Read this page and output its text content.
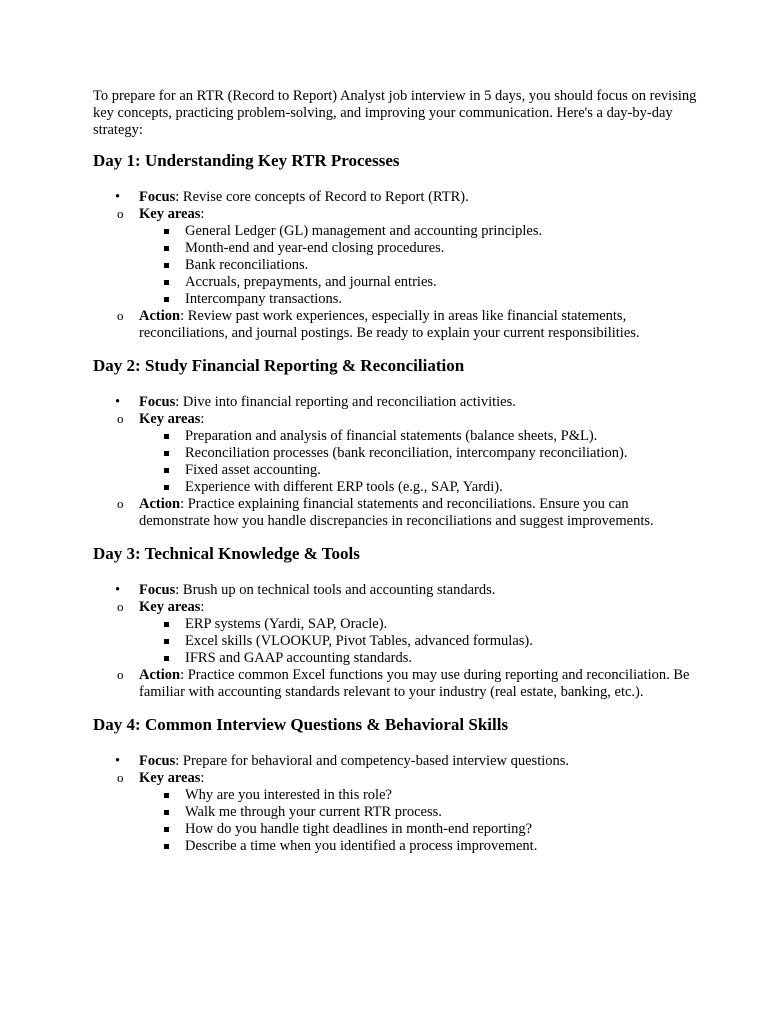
To prepare for an RTR (Record to Report) Analyst job interview in 5 days, you should focus on revising key concepts, practicing problem-solving, and improving your communication. Here's a day-by-day strategy:

Day 1: Understanding Key RTR Processes
• Focus: Revise core concepts of Record to Report (RTR).
o Key areas:
General Ledger (GL) management and accounting principles.
Month-end and year-end closing procedures.
Bank reconciliations.
Accruals, prepayments, and journal entries.
Intercompany transactions.
o Action: Review past work experiences, especially in areas like financial statements, reconciliations, and journal postings. Be ready to explain your current responsibilities.
Day 2: Study Financial Reporting & Reconciliation
• Focus: Dive into financial reporting and reconciliation activities.
o Key areas:
Preparation and analysis of financial statements (balance sheets, P&L).
Reconciliation processes (bank reconciliation, intercompany reconciliation).
Fixed asset accounting.
Experience with different ERP tools (e.g., SAP, Yardi).
o Action: Practice explaining financial statements and reconciliations. Ensure you can demonstrate how you handle discrepancies in reconciliations and suggest improvements.
Day 3: Technical Knowledge & Tools
• Focus: Brush up on technical tools and accounting standards.
o Key areas:
ERP systems (Yardi, SAP, Oracle).
Excel skills (VLOOKUP, Pivot Tables, advanced formulas).
IFRS and GAAP accounting standards.
o Action: Practice common Excel functions you may use during reporting and reconciliation. Be familiar with accounting standards relevant to your industry (real estate, banking, etc.).
Day 4: Common Interview Questions & Behavioral Skills
• Focus: Prepare for behavioral and competency-based interview questions.
o Key areas:
Why are you interested in this role?
Walk me through your current RTR process.
How do you handle tight deadlines in month-end reporting?
Describe a time when you identified a process improvement.
